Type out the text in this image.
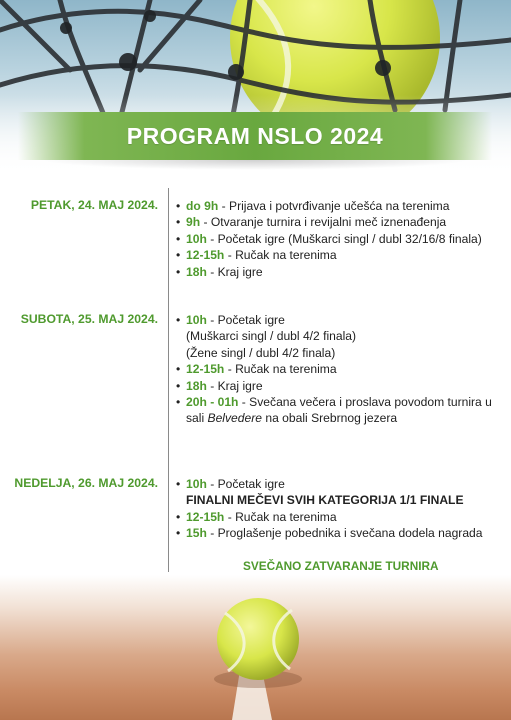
PROGRAM NSLO 2024
PETAK, 24. MAJ 2024. • do 9h - Prijava i potvrđivanje učešća na terenima
• 9h - Otvaranje turnira i revijalni meč iznenađenja
• 10h - Početak igre (Muškarci singl / dubl 32/16/8 finala)
• 12-15h - Ručak na terenima
• 18h - Kraj igre
SUBOTA, 25. MAJ 2024. • 10h - Početak igre
(Muškarci singl / dubl 4/2 finala)
(Žene singl / dubl 4/2 finala)
• 12-15h - Ručak na terenima
• 18h - Kraj igre
• 20h - 01h - Svečana večera i proslava povodom turnira u
sali Belvedere na obali Srebrnog jezera
NEDELJA, 26. MAJ 2024. • 10h - Početak igre
FINALNI MEČEVI SVIH KATEGORIJA 1/1 FINALE
• 12-15h - Ručak na terenima
• 15h - Proglašenje pobednika i svečana dodela nagrada
SVEČANO ZATVARANJE TURNIRA
